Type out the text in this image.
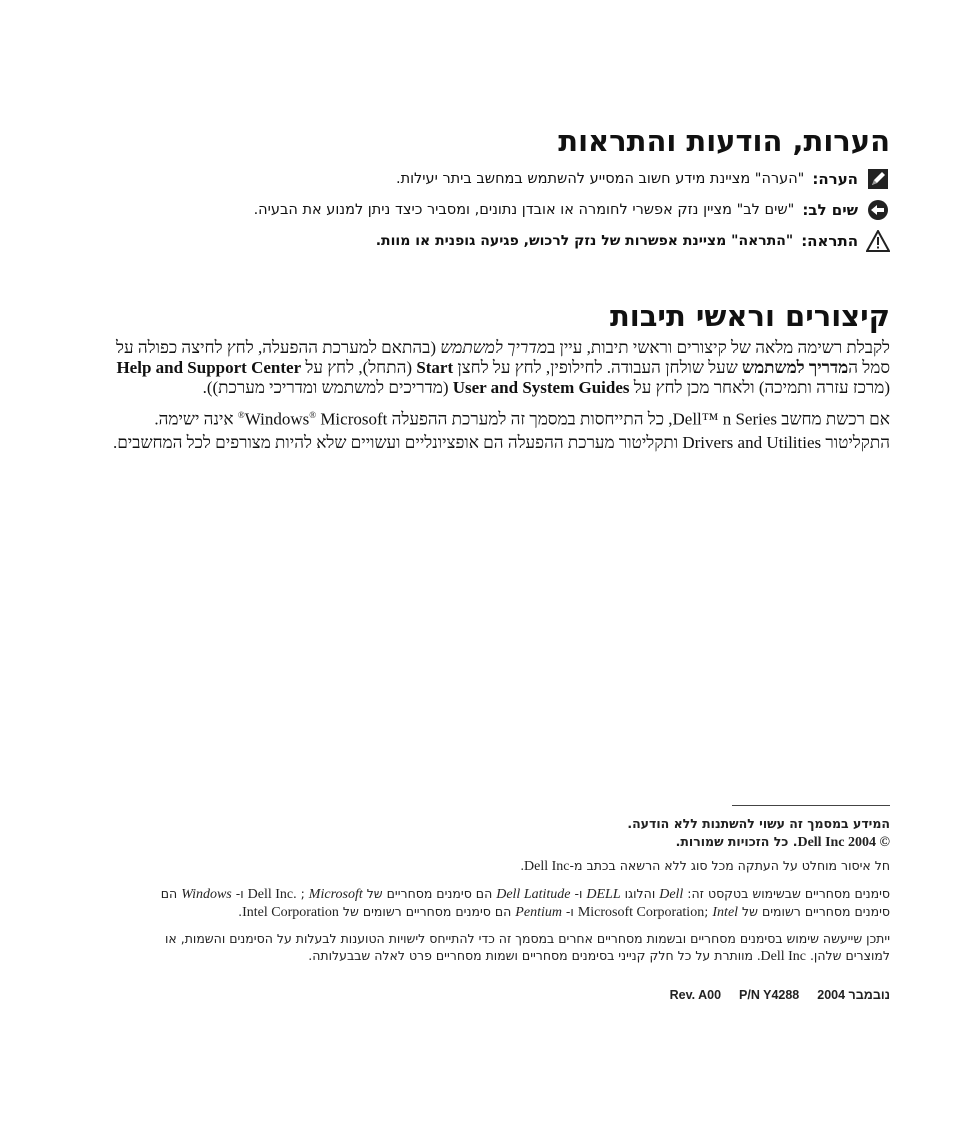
הערות, הודעות והתראות
הערה:
"הערה" מציינת מידע חשוב המסייע להשתמש במחשב ביתר יעילות.
שים לב:
"שים לב" מציין נזק אפשרי לחומרה או אובדן נתונים, ומסביר כיצד ניתן למנוע את הבעיה.
התראה:
"התראה" מציינת אפשרות של נזק לרכוש, פגיעה גופנית או מוות.
קיצורים וראשי תיבות
לקבלת רשימה מלאה של קיצורים וראשי תיבות, עיין במדריך למשתמש (בהתאם למערכת ההפעלה, לחץ לחיצה כפולה על סמל המדריך למשתמש שעל שולחן העבודה. לחילופין, לחץ על לחצן Start (התחל), לחץ על Help and Support Center (מרכז עזרה ותמיכה) ולאחר מכן לחץ על User and System Guides (מדריכים למשתמש ומדריכי מערכת)).
אם רכשת מחשב Dell™ n Series, כל התייחסות במסמך זה למערכת ההפעלה Windows® Microsoft® אינה ישימה.
התקליטור Drivers and Utilities ותקליטור מערכת ההפעלה הם אופציונליים ועשויים שלא להיות מצורפים לכל המחשבים.
המידע במסמך זה עשוי להשתנות ללא הודעה.
© 2004 Dell Inc. כל הזכויות שמורות.
חל איסור מוחלט על העתקה מכל סוג ללא הרשאה בכתב מ-Dell Inc.
סימנים מסחריים שבשימוש בטקסט זה: Dell והלוגו DELL ו- Dell Latitude הם סימנים מסחריים של Dell Inc. ; Microsoft ו- Windows הם
סימנים מסחריים רשומים של Microsoft Corporation; Intel ו- Pentium הם סימנים מסחריים רשומים של Intel Corporation.
ייתכן שייעשה שימוש בסימנים מסחריים ובשמות מסחריים אחרים במסמך זה כדי להתייחס לישויות הטוענות לבעלות על הסימנים והשמות, או
למוצרים שלהן. Dell Inc. מוותרת על כל חלק קנייני בסימנים מסחריים ושמות מסחריים פרט לאלה שבבעלותה.
נובמבר 2004
P/N Y4288
Rev. A00
